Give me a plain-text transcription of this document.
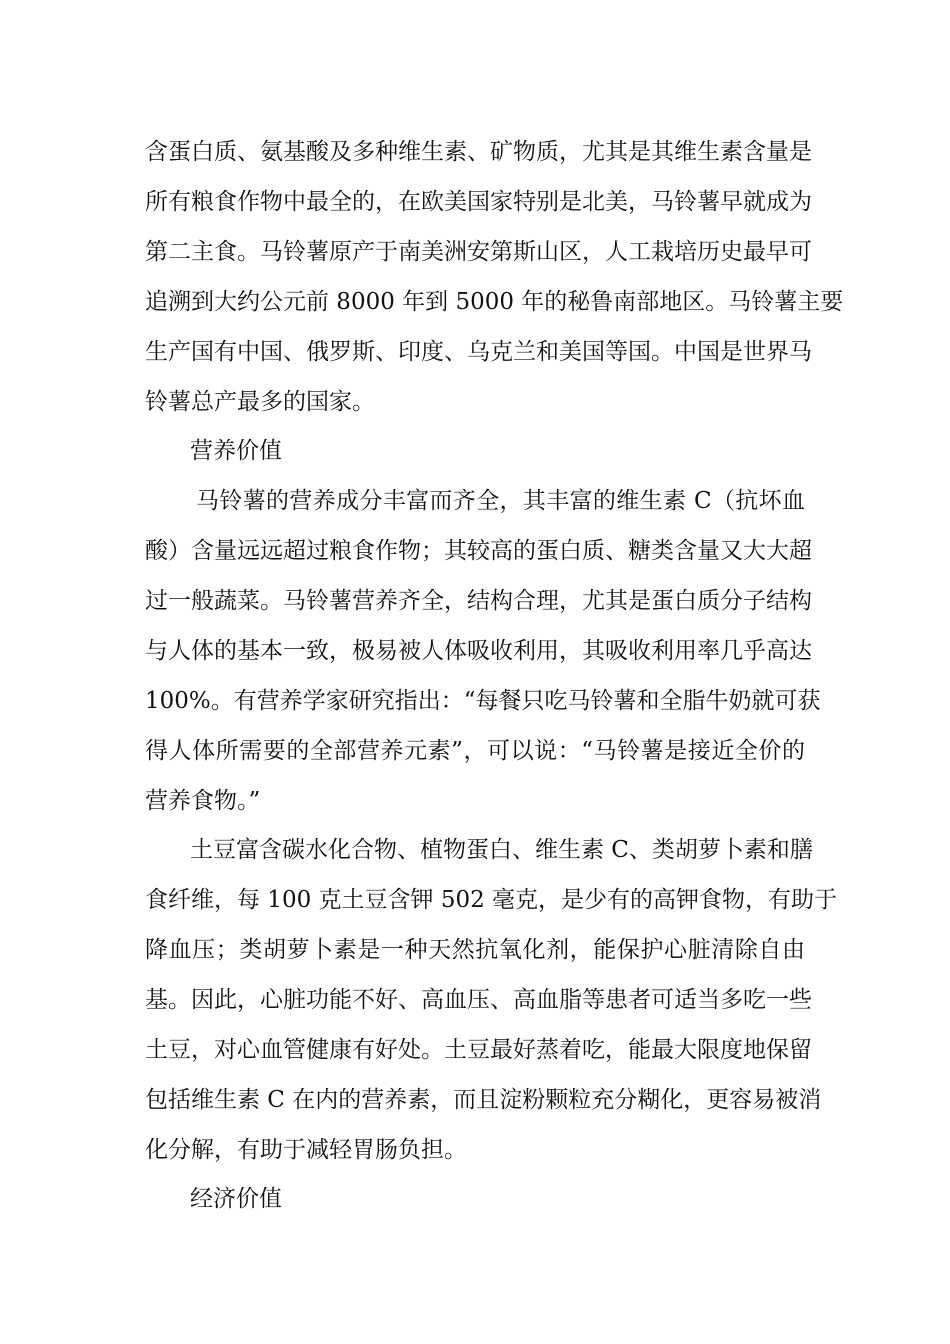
含蛋白质、氨基酸及多种维生素、矿物质，尤其是其维生素含量是
所有粮食作物中最全的，在欧美国家特别是北美，马铃薯早就成为
第二主食。马铃薯原产于南美洲安第斯山区，人工栽培历史最早可
追溯到大约公元前 8000 年到 5000 年的秘鲁南部地区。马铃薯主要
生产国有中国、俄罗斯、印度、乌克兰和美国等国。中国是世界马
铃薯总产最多的国家。
营养价值
马铃薯的营养成分丰富而齐全，其丰富的维生素 C（抗坏血
酸）含量远远超过粮食作物；其较高的蛋白质、糖类含量又大大超
过一般蔬菜。马铃薯营养齐全，结构合理，尤其是蛋白质分子结构
与人体的基本一致，极易被人体吸收利用，其吸收利用率几乎高达
100%。有营养学家研究指出：“每餐只吃马铃薯和全脂牛奶就可获
得人体所需要的全部营养元素”，可以说：“马铃薯是接近全价的
营养食物。”
土豆富含碳水化合物、植物蛋白、维生素 C、类胡萝卜素和膳
食纤维，每 100 克土豆含钾 502 毫克，是少有的高钾食物，有助于
降血压；类胡萝卜素是一种天然抗氧化剂，能保护心脏清除自由
基。因此，心脏功能不好、高血压、高血脂等患者可适当多吃一些
土豆，对心血管健康有好处。土豆最好蒸着吃，能最大限度地保留
包括维生素 C 在内的营养素，而且淀粉颗粒充分糊化，更容易被消
化分解，有助于减轻胃肠负担。
经济价值
